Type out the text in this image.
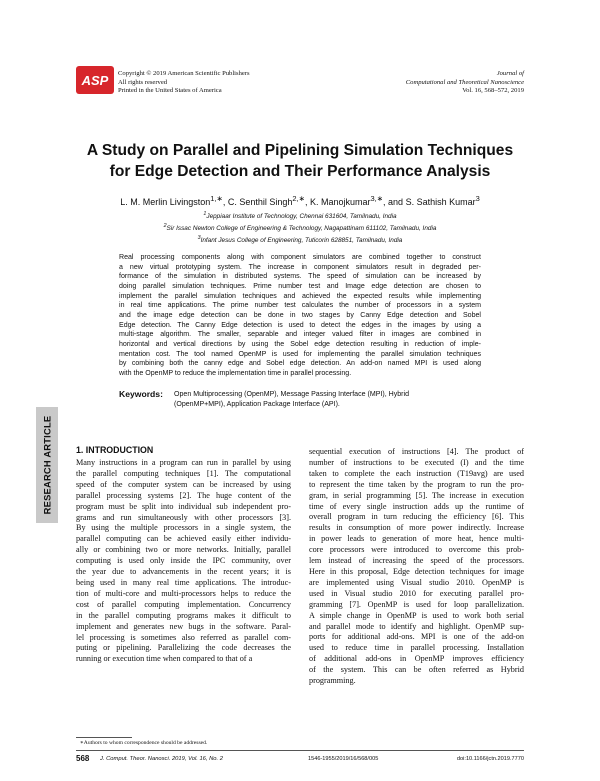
ASP Copyright © 2019 American Scientific Publishers
All rights reserved
Printed in the United States of America
Journal of
Computational and Theoretical Nanoscience
Vol. 16, 568–572, 2019
A Study on Parallel and Pipelining Simulation Techniques
for Edge Detection and Their Performance Analysis
L. M. Merlin Livingston$^{1,∗}$, C. Senthil Singh$^{2,∗}$, K. Manojkumar$^{3,∗}$, and S. Sathish Kumar$^3$
$^1$Jeppiaar Institute of Technology, Chennai 631604, Tamilnadu, India
$^2$Sir Issac Newton College of Engineering & Technology, Nagapattinam 611102, Tamilnadu, India
$^3$Infant Jesus College of Engineering, Tuticorin 628851, Tamilnadu, India
Real processing components along with component simulators are combined together to construct
a new virtual prototyping system. The increase in component simulators result in degraded per-
formance of the simulation in distributed systems. The speed of simulation can be increased by
doing parallel simulation techniques. Prime number test and Image edge detection are chosen to
implement the parallel simulation techniques and achieved the expected results while implementing
in real time applications. The prime number test calculates the number of processors in a system
and the image edge detection can be done in two stages by Canny Edge detection and Sobel
Edge detection. The Canny Edge detection is used to detect the edges in the images by using a
multi-stage algorithm. The smaller, separable and integer valued filter in images are combined in
horizontal and vertical directions by using the Sobel edge detection resulting in reduction of imple-
mentation cost. The tool named OpenMP is used for implementing the parallel simulation techniques
by combining both the canny edge and Sobel edge detection. An add-on named MPI is used along
with the OpenMP to reduce the implementation time in parallel processing.
Keywords: Open Multiprocessing (OpenMP), Message Passing Interface (MPI), Hybrid
(OpenMP+MPI), Application Package Interface (API).
RESEARCH ARTICLE	1. INTRODUCTION
Many instructions in a program can run in parallel by using
the parallel computing techniques [1]. The computational
speed of the computer system can be increased by using
parallel processing systems [2]. The huge content of the
program must be split into individual sub independent pro-
grams and run simultaneously with other processors [3].
By using the multiple processors in a single system, the
parallel computing can be achieved easily either individu-
ally or combining two or more networks. Initially, parallel
computing is used only inside the IPC community, over
the year due to advancements in the recent years; it is
being used in many real time applications. The introduc-
tion of multi-core and multi-processors helps to reduce the
cost of parallel computing implementation. Concurrency
in the parallel computing programs makes it difficult to
implement and generates new bugs in the software. Paral-
lel processing is sometimes also referred as parallel com-
puting or pipelining. Parallelizing the code decreases the
running or execution time when compared to that of a
sequential execution of instructions [4]. The product of
number of instructions to be executed (I) and the time
taken to complete the each instruction (T19avg) are used
to represent the time taken by the program to run the pro-
gram, in serial programming [5]. The increase in execution
time of every single instruction adds up the runtime of
overall program in turn reducing the efficiency [6]. This
results in consumption of more power indirectly. Increase
in power leads to generation of more heat, hence multi-
core processors were introduced to overcome this prob-
lem instead of increasing the speed of the processors.
Here in this proposal, Edge detection techniques for image
are implemented using Visual studio 2010. OpenMP is
used in Visual studio 2010 for executing parallel pro-
gramming [7]. OpenMP is used for loop parallelization.
A simple change in OpenMP is used to work both serial
and parallel mode to identify and highlight. OpenMP sup-
ports for additional add-ons. MPI is one of the add-on
used to reduce time in parallel processing. Installation
of additional add-ons in OpenMP improves efficiency
of the system. This can be often referred as Hybrid
programming.
∗Authors to whom correspondence should be addressed.
568 J. Comput. Theor. Nanosci. 2019, Vol. 16, No. 2	1546-1955/2019/16/568/005	doi:10.1166/jctn.2019.7770
